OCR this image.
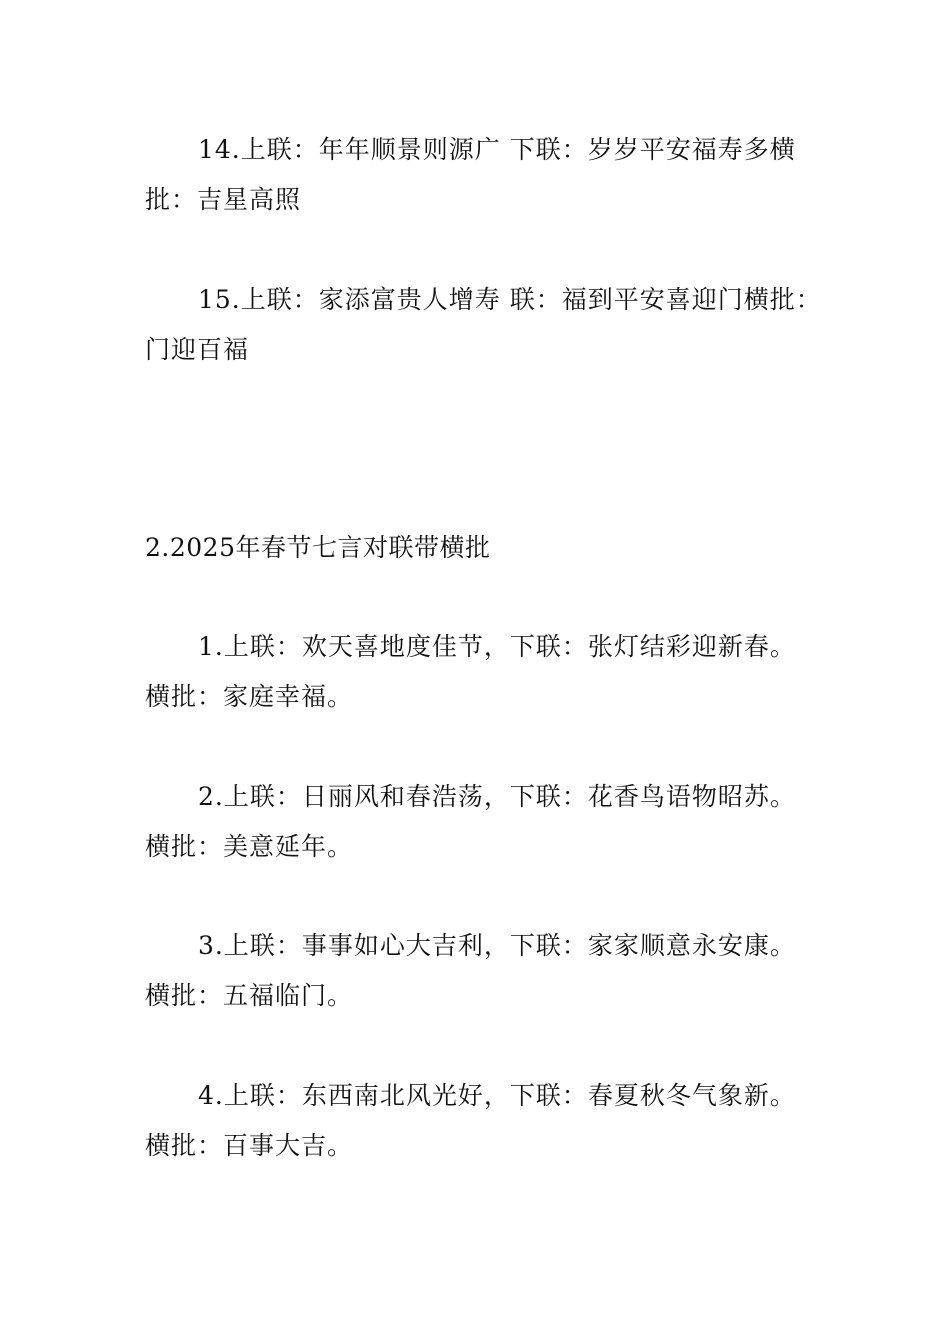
14.上联：年年顺景则源广 下联：岁岁平安福寿多横
批：吉星高照

15.上联：家添富贵人增寿 联：福到平安喜迎门横批：
门迎百福

2.2025年春节七言对联带横批

1.上联：欢天喜地度佳节，下联：张灯结彩迎新春。
横批：家庭幸福。

2.上联：日丽风和春浩荡，下联：花香鸟语物昭苏。
横批：美意延年。

3.上联：事事如心大吉利，下联：家家顺意永安康。
横批：五福临门。

4.上联：东西南北风光好，下联：春夏秋冬气象新。
横批：百事大吉。
